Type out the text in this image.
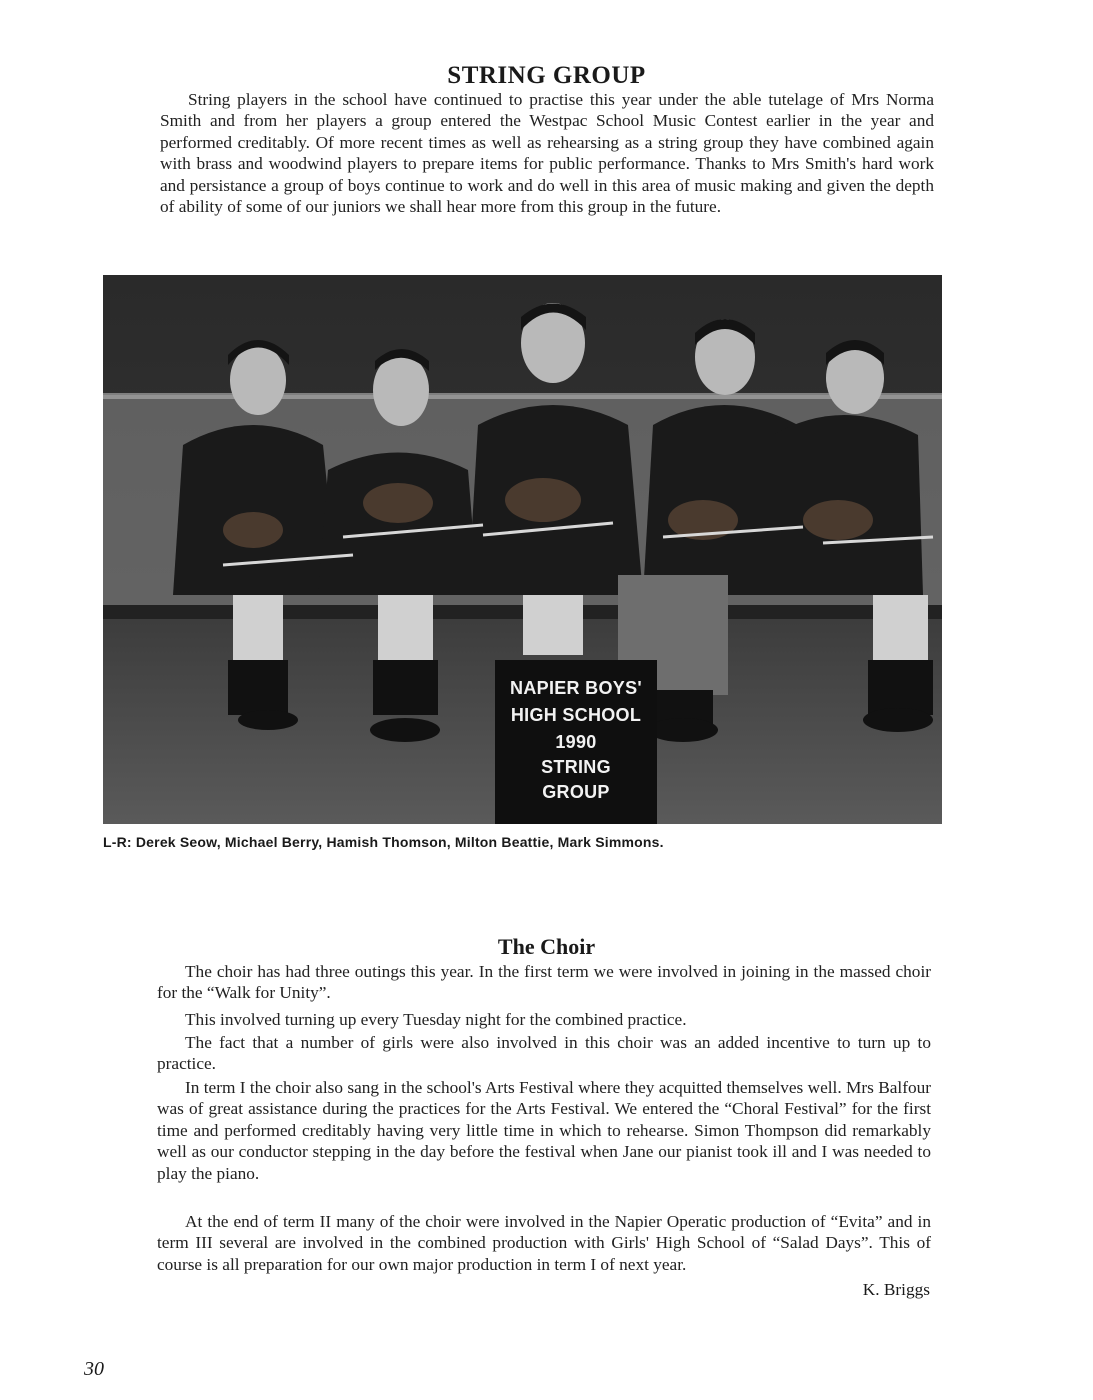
STRING GROUP

String players in the school have continued to practise this year under the able tutelage of Mrs Norma Smith and from her players a group entered the Westpac School Music Contest earlier in the year and performed creditably. Of more recent times as well as rehearsing as a string group they have combined again with brass and woodwind players to prepare items for public performance. Thanks to Mrs Smith's hard work and persistance a group of boys continue to work and do well in this area of music making and given the depth of ability of some of our juniors we shall hear more from this group in the future.

NAPIER BOYS'
HIGH SCHOOL
1990
STRING
GROUP

L-R: Derek Seow, Michael Berry, Hamish Thomson, Milton Beattie, Mark Simmons.

The Choir

The choir has had three outings this year. In the first term we were involved in joining in the massed choir for the “Walk for Unity”.

This involved turning up every Tuesday night for the combined practice.

The fact that a number of girls were also involved in this choir was an added incentive to turn up to practice.

In term I the choir also sang in the school's Arts Festival where they acquitted themselves well. Mrs Balfour was of great assistance during the practices for the Arts Festival. We entered the “Choral Festival” for the first time and performed creditably having very little time in which to rehearse. Simon Thompson did remarkably well as our conductor stepping in the day before the festival when Jane our pianist took ill and I was needed to play the piano.

At the end of term II many of the choir were involved in the Napier Operatic production of “Evita” and in term III several are involved in the combined production with Girls' High School of “Salad Days”. This of course is all preparation for our own major production in term I of next year.

K. Briggs

30
